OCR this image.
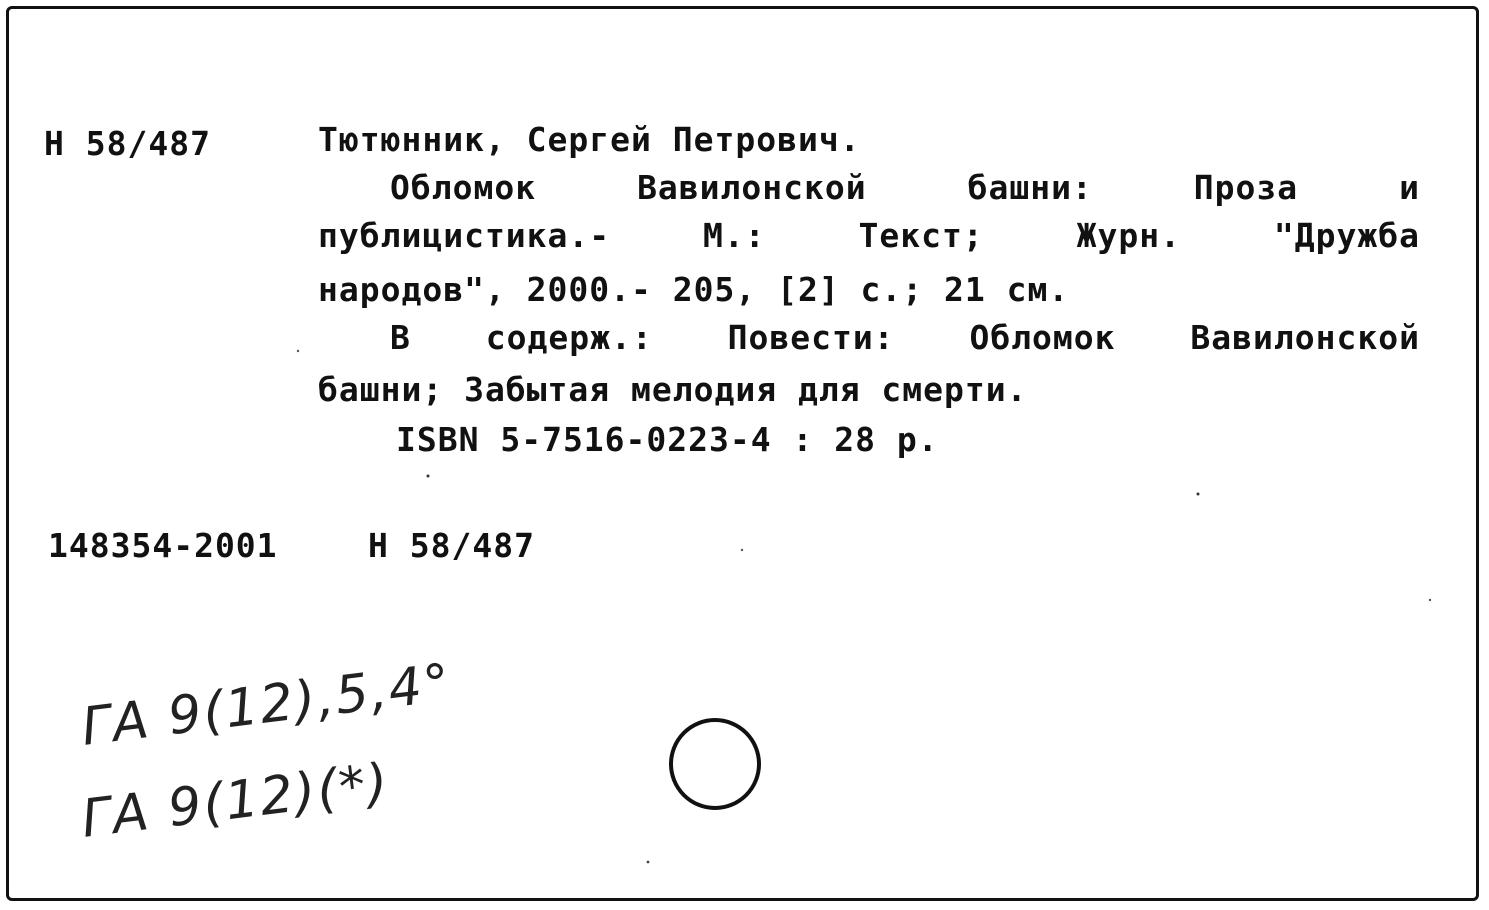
Н 58/487	Тютюнник, Сергей Петрович.
Обломок	Вавилонской	башни:	Проза	и
публицистика.-	М.:	Текст;	Журн.	"Дружба
народов", 2000.- 205, [2] с.; 21 см.
В содерж.: Повести: Обломок Вавилонской
башни; Забытая мелодия для смерти.
ISBN 5-7516-0223-4 : 28 р.
148354-2001	Н 58/487
ГА 9(12),5,4°
ГА 9(12)(*)
